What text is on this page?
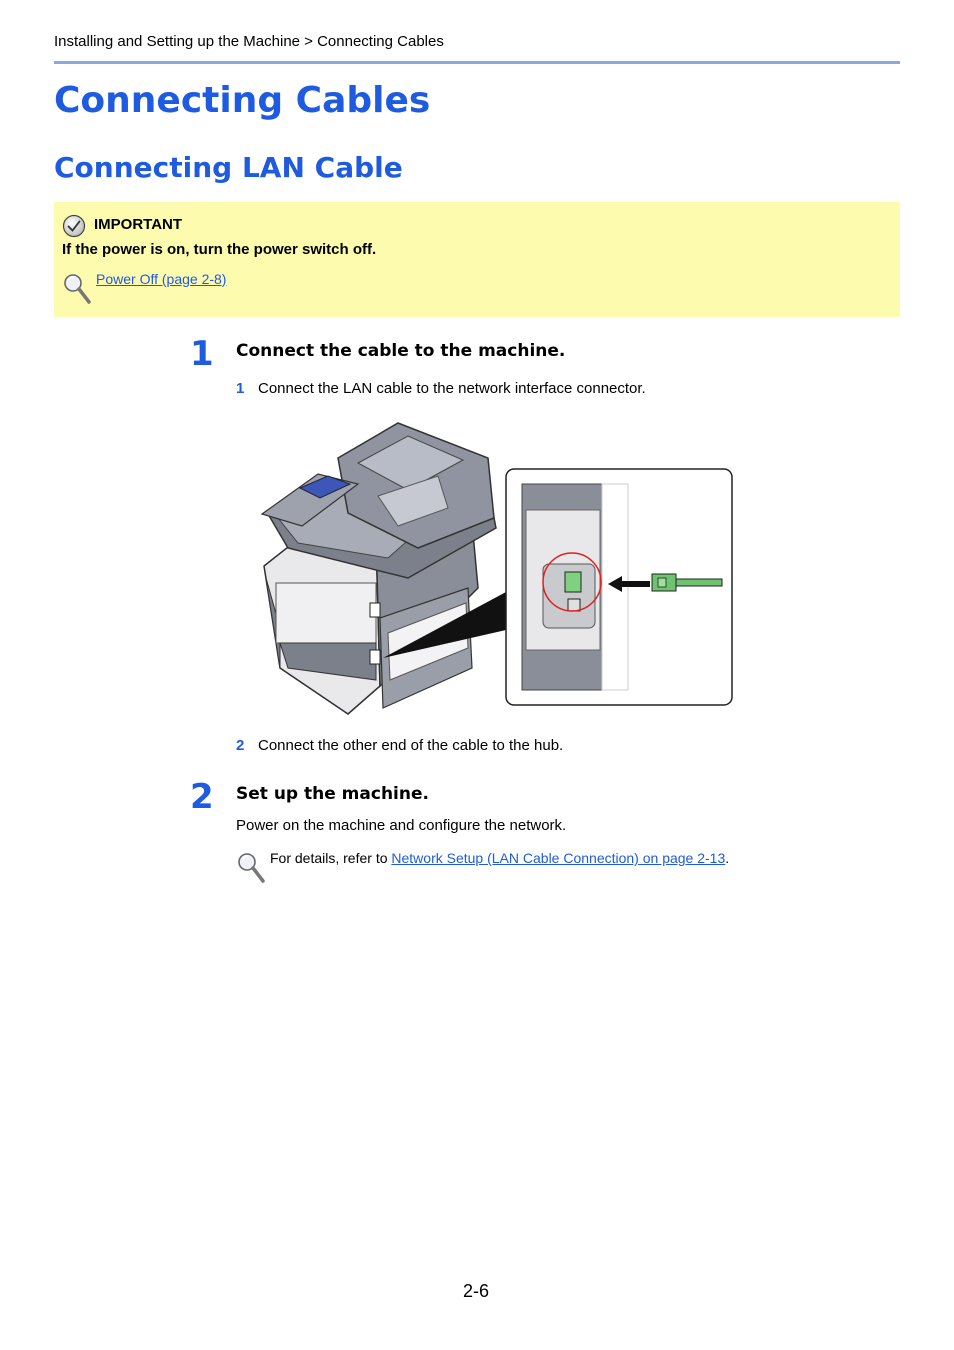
Installing and Setting up the Machine > Connecting Cables
Connecting Cables
Connecting LAN Cable
IMPORTANT
If the power is on, turn the power switch off.
Power Off (page 2-8)
1 Connect the cable to the machine.
1 Connect the LAN cable to the network interface connector.
2 Connect the other end of the cable to the hub.
2 Set up the machine.
Power on the machine and configure the network.
For details, refer to Network Setup (LAN Cable Connection) on page 2-13.
2-6
